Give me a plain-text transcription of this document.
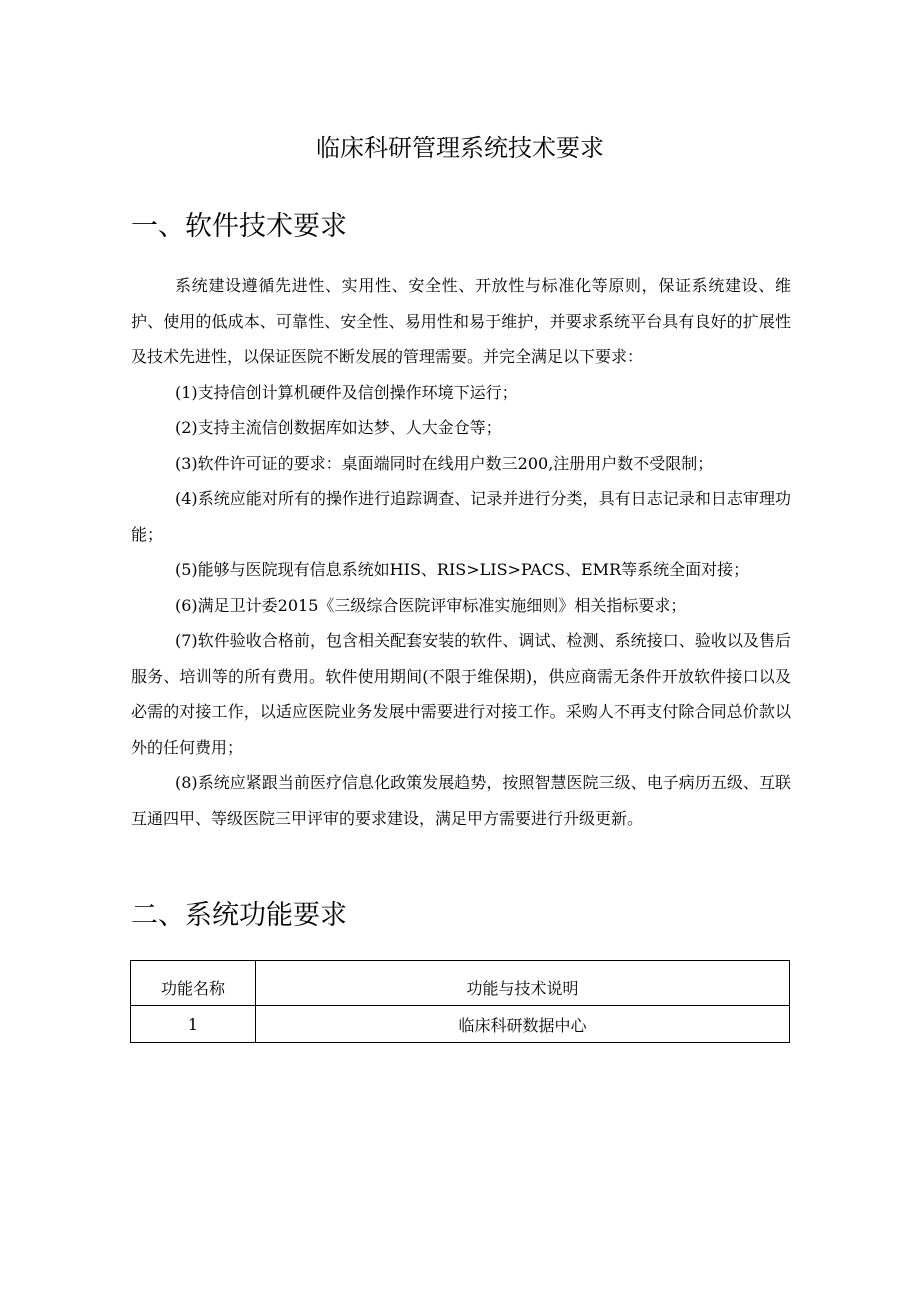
临床科研管理系统技术要求
一、软件技术要求

系统建设遵循先进性、实用性、安全性、开放性与标准化等原则，保证系统建设、维护、使用的低成本、可靠性、安全性、易用性和易于维护，并要求系统平台具有良好的扩展性及技术先进性，以保证医院不断发展的管理需要。并完全满足以下要求：

(1)支持信创计算机硬件及信创操作环境下运行；

(2)支持主流信创数据库如达梦、人大金仓等；

(3)软件许可证的要求：桌面端同时在线用户数三200,注册用户数不受限制；

(4)系统应能对所有的操作进行追踪调查、记录并进行分类，具有日志记录和日志审理功能；

(5)能够与医院现有信息系统如HIS、RIS>LIS>PACS、EMR等系统全面对接；

(6)满足卫计委2015《三级综合医院评审标准实施细则》相关指标要求；

(7)软件验收合格前，包含相关配套安装的软件、调试、检测、系统接口、验收以及售后服务、培训等的所有费用。软件使用期间(不限于维保期)，供应商需无条件开放软件接口以及必需的对接工作，以适应医院业务发展中需要进行对接工作。采购人不再支付除合同总价款以外的任何费用；

(8)系统应紧跟当前医疗信息化政策发展趋势，按照智慧医院三级、电子病历五级、互联互通四甲、等级医院三甲评审的要求建设，满足甲方需要进行升级更新。

二、系统功能要求
功能名称	功能与技术说明
1	临床科研数据中心
